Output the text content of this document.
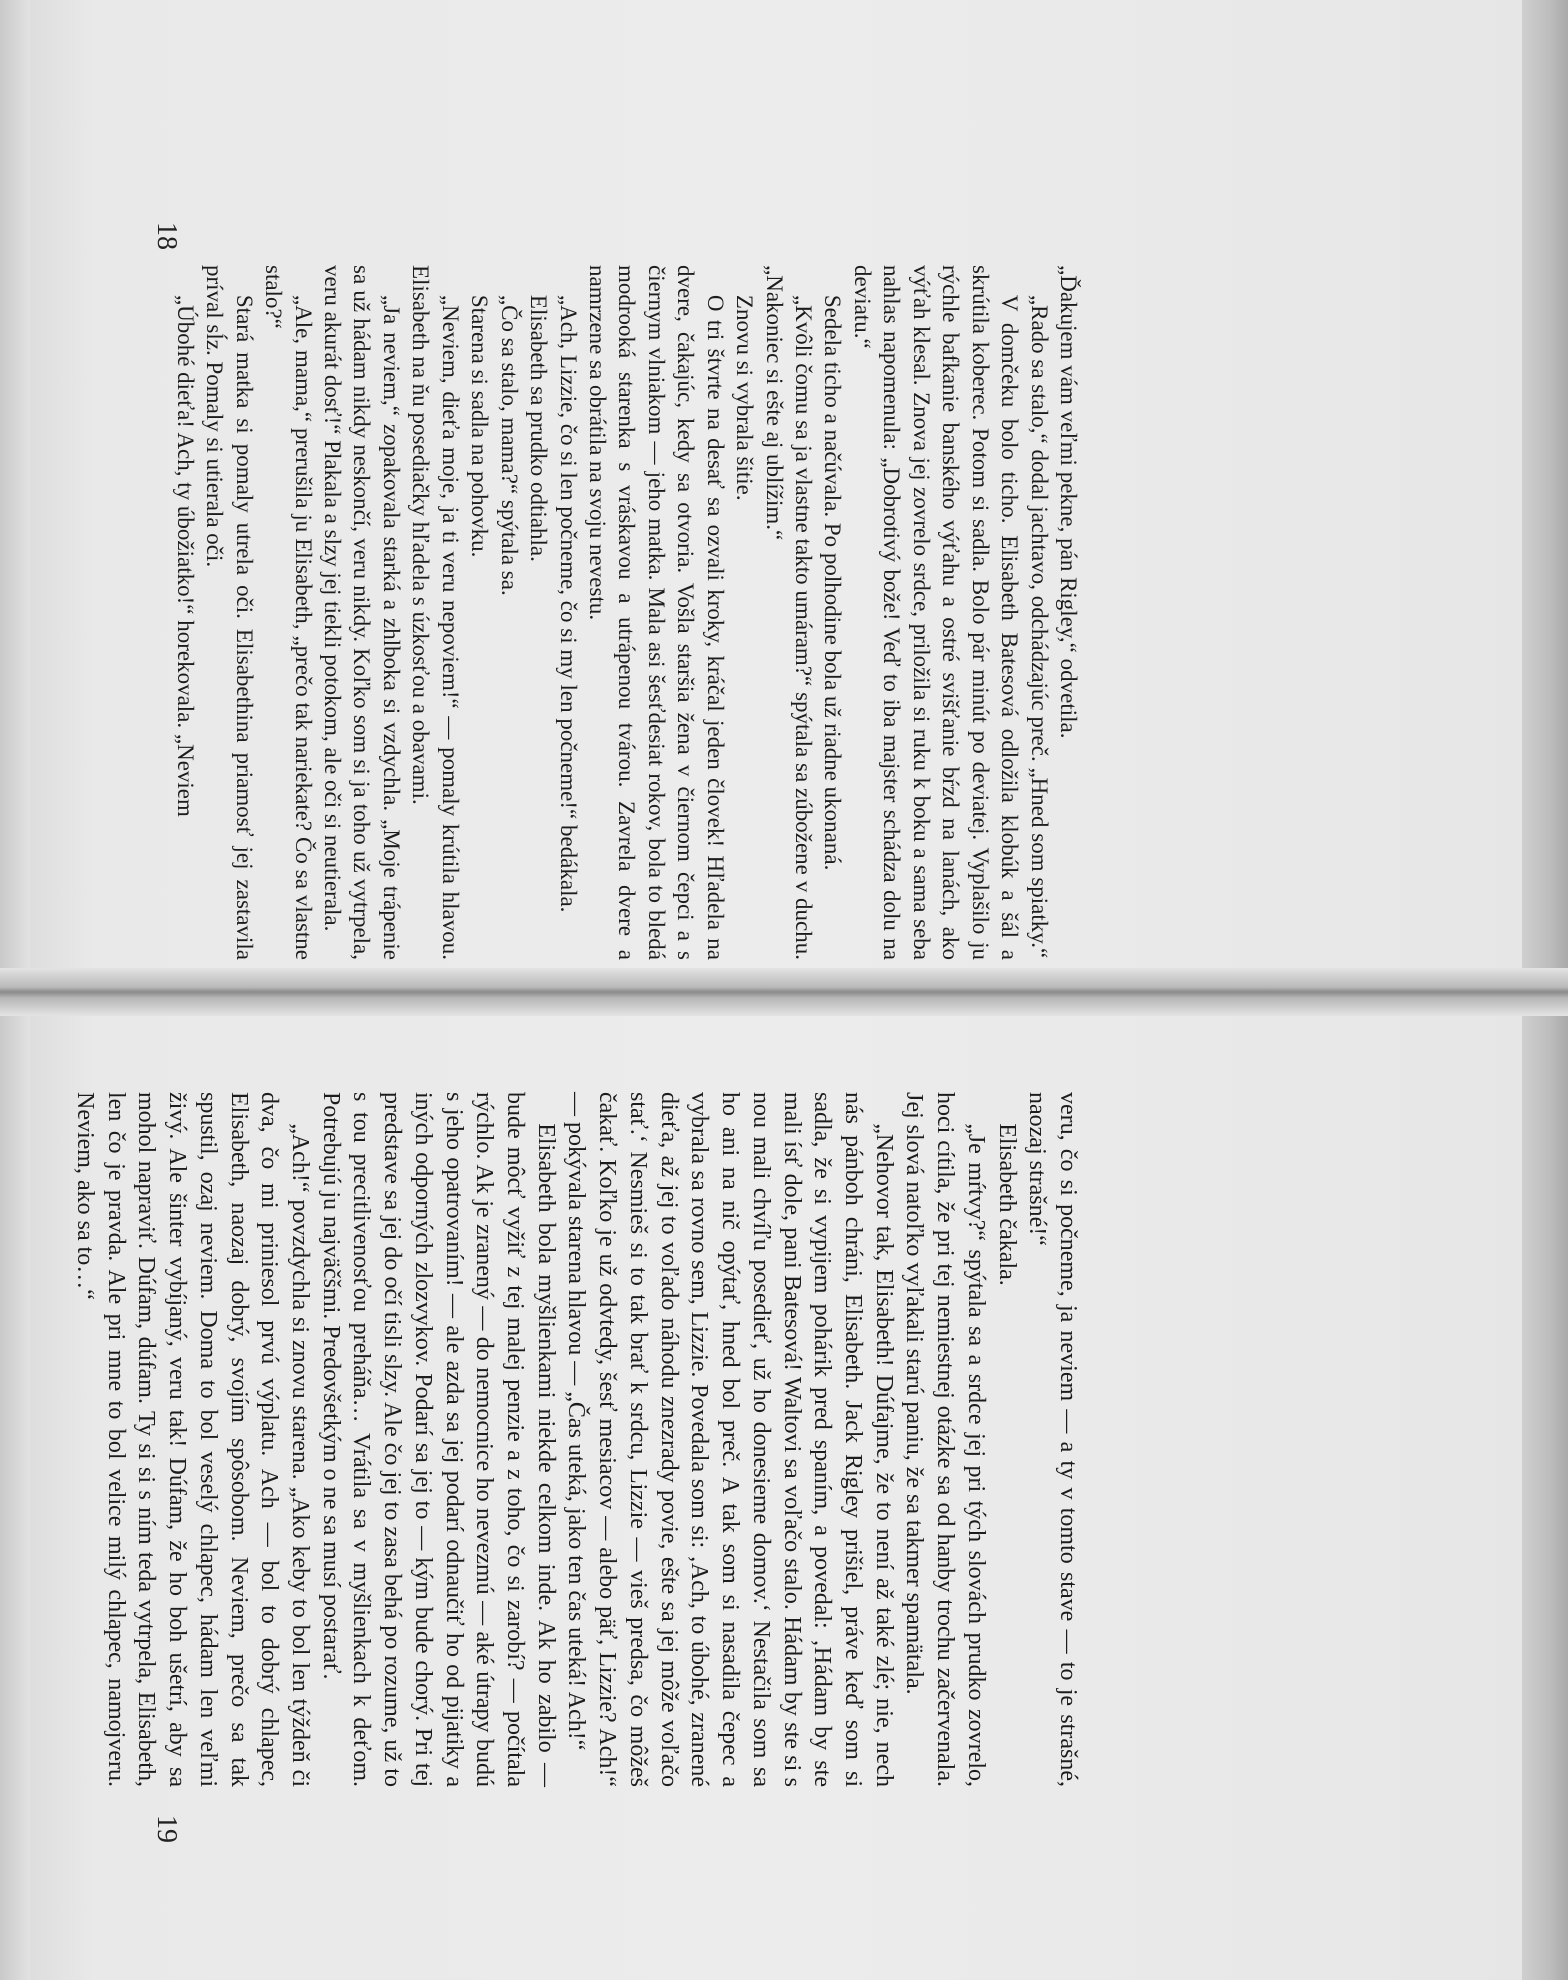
„Ďakujem vám veľmi pekne, pán Rigley,“ odvetila.

„Rado sa stalo,“ dodal jachtavo, odchádzajúc preč. „Hned som spiatky.“

V domčeku bolo ticho. Elisabeth Batesová odložila klobúk a šál a skrútila koberec. Potom si sadla. Bolo pár minút po deviatej. Vyplašilo ju rýchle bafkanie banského výťahu a ostré svišťanie bŕzd na lanách, ako výťah klesal. Znova jej zovrelo srdce, priložila si ruku k boku a sama seba nahlas napomenula: „Dobrotivý bože! Veď to iba majster schádza dolu na deviatu.“

Sedela ticho a načúvala. Po polhodine bola už riadne ukonaná.

„Kvôli čomu sa ja vlastne takto umáram?“ spýtala sa zúbožene v duchu. „Nakoniec si ešte aj ublížim.“

Znovu si vybrala šitie.

O tri štvrte na desať sa ozvali kroky, kráčal jeden človek! Hľadela na dvere, čakajúc, kedy sa otvoria. Vošla staršia žena v čiernom čepci a s čiernym vlniakom — jeho matka. Mala asi šesťdesiat rokov, bola to bledá modrooká starenka s vráskavou a utrápenou tvárou. Zavrela dvere a namrzene sa obrátila na svoju nevestu.

„Ach, Lizzie, čo si len počneme, čo si my len počneme!“ bedákala.

Elisabeth sa prudko odtiahla.

„Čo sa stalo, mama?“ spýtala sa.

Starena si sadla na pohovku.

„Neviem, dieťa moje, ja ti veru nepoviem!“ — pomaly krútila hlavou. Elisabeth na ňu posediačky hľadela s úzkosťou a obavami.

„Ja neviem,“ zopakovala starká a zhlboka si vzdychla. „Moje trápenie sa už hádam nikdy neskončí, veru nikdy. Koľko som si ja toho už vytrpela, veru akurát dosť!“ Plakala a slzy jej tiekli potokom, ale oči si neutierala.

„Ale, mama,“ prerušila ju Elisabeth, „prečo tak nariekate? Čo sa vlastne stalo?“

Stará matka si pomaly utrela oči. Elisabethina priamosť jej zastavila príval sĺz. Pomaly si utierala oči.

„Úbohé dieťa! Ach, ty úbožiatko!“ horekovala. „Neviem

veru, čo si počneme, ja neviem — a ty v tomto stave — to je strašné, naozaj strašné!“

Elisabeth čakala.

„Je mŕtvy?“ spýtala sa a srdce jej pri tých slovách prudko zovrelo, hoci cítila, že pri tej nemiestnej otázke sa od hanby trochu začervenala. Jej slová natoľko vyľakali starú paniu, že sa takmer spamätala.

„Nehovor tak, Elisabeth! Dúfajme, že to není až také zlé; nie, nech nás pánboh chráni, Elisabeth. Jack Rigley prišiel, práve keď som si sadla, že si vypijem pohárik pred spaním, a povedal: ‚Hádam by ste mali ísť dole, pani Batesová! Waltovi sa voľačo stalo. Hádam by ste si s nou mali chvíľu posedieť, už ho donesieme domov.‘ Nestačila som sa ho ani na nič opýtať, hned bol preč. A tak som si nasadila čepec a vybrala sa rovno sem, Lizzie. Povedala som si: ‚Ach, to úbohé, zranené dieťa, až jej to voľado náhodu znezrady povie, ešte sa jej môže voľačo stať.‘ Nesmieš si to tak brať k srdcu, Lizzie — vieš predsa, čo môžeš čakať. Koľko je už odvtedy, šesť mesiacov — alebo päť, Lizzie? Ach!“ — pokývala starena hlavou — „Čas uteká, jako ten čas uteká! Ach!“

Elisabeth bola myšlienkami niekde celkom inde. Ak ho zabilo — bude môcť vyžiť z tej malej penzie a z toho, čo si zarobí? — počítala rýchlo. Ak je zranený — do nemocnice ho nevezmú — aké útrapy budú s jeho opatrovaním! — ale azda sa jej podarí odnaučiť ho od pijatiky a iných odporných zlozvykov. Podarí sa jej to — kým bude chorý. Pri tej predstave sa jej do očí tisli slzy. Ale čo jej to zasa behá po rozume, už to s tou precitlivenosťou preháňa… Vrátila sa v myšlienkach k deťom. Potrebujú ju najväčšmi. Predovšetkým o ne sa musí postarať.

„Ach!“ povzdychla si znovu starena. „Ako keby to bol len týždeň či dva, čo mi priniesol prvú výplatu. Ach — bol to dobrý chlapec, Elisabeth, naozaj dobrý, svojím spôsobom. Neviem, prečo sa tak spustil, ozaj neviem. Doma to bol veselý chlapec, hádam len veľmi živý. Ale šinter vybíjaný, veru tak! Dúfam, že ho boh ušetrí, aby sa mohol napraviť. Dúfam, dúfam. Ty si si s ním teda vytrpela, Elisabeth, len čo je pravda. Ale pri mne to bol velice milý chlapec, namojveru. Neviem, ako sa to…“

18
19
